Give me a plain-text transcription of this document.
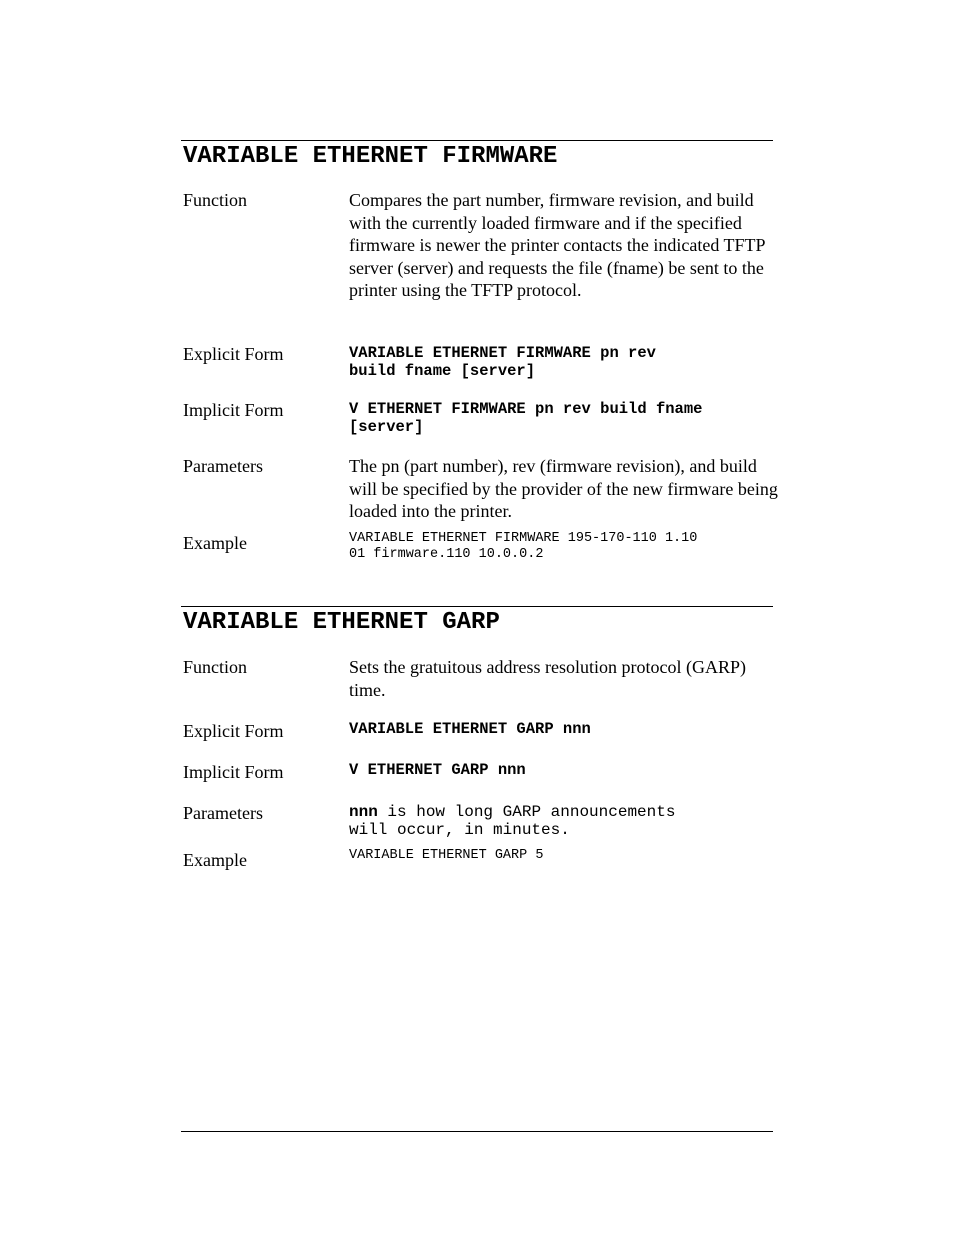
VARIABLE ETHERNET FIRMWARE
Function	Compares the part number, firmware revision, and build with the currently loaded firmware and if the specified firmware is newer the printer contacts the indicated TFTP server (server) and requests the file (fname) be sent to the printer using the TFTP protocol.
Explicit Form	VARIABLE ETHERNET FIRMWARE pn rev
build fname [server]
Implicit Form	V ETHERNET FIRMWARE pn rev build fname
[server]
Parameters	The pn (part number), rev (firmware revision), and build will be specified by the provider of the new firmware being loaded into the printer.
Example	VARIABLE ETHERNET FIRMWARE 195-170-110 1.10
01 firmware.110 10.0.0.2
VARIABLE ETHERNET GARP
Function	Sets the gratuitous address resolution protocol (GARP) time.
Explicit Form	VARIABLE ETHERNET GARP nnn
Implicit Form	V ETHERNET GARP nnn
Parameters	nnn is how long GARP announcements
will occur, in minutes.
Example	VARIABLE ETHERNET GARP 5
